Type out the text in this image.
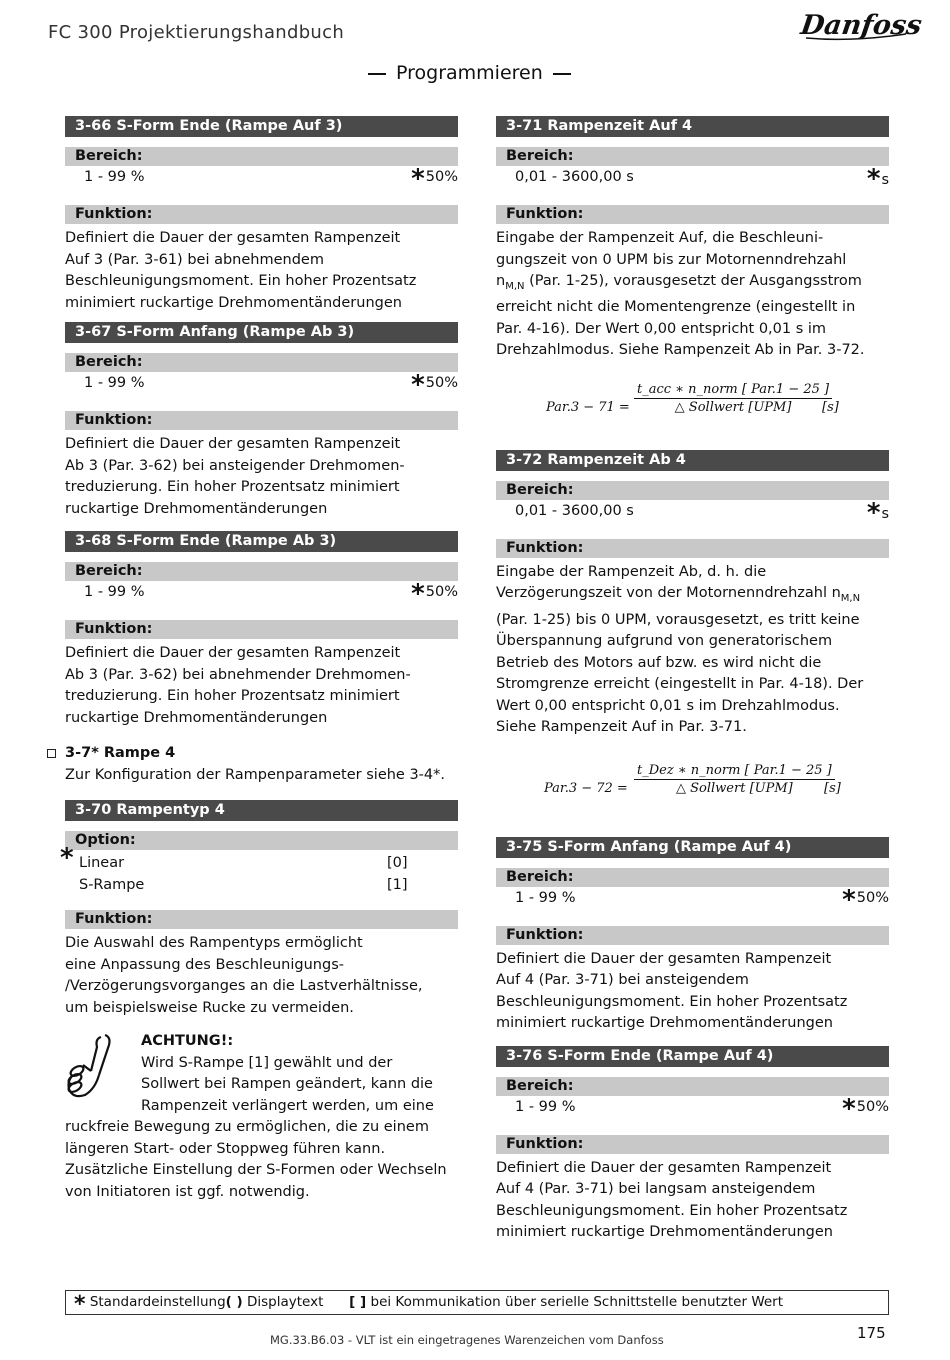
FC 300 Projektierungshandbuch	Danfoss
Programmieren
3-66 S-Form Ende (Rampe Auf 3)
Bereich:
1 - 99 %	*50%
Funktion:
Definiert die Dauer der gesamten Rampenzeit
Auf 3 (Par. 3-61) bei abnehmendem
Beschleunigungsmoment. Ein hoher Prozentsatz
minimiert ruckartige Drehmomentänderungen
3-67 S-Form Anfang (Rampe Ab 3)
Bereich:
1 - 99 %	*50%
Funktion:
Definiert die Dauer der gesamten Rampenzeit
Ab 3 (Par. 3-62) bei ansteigender Drehmomen-
treduzierung. Ein hoher Prozentsatz minimiert
ruckartige Drehmomentänderungen
3-68 S-Form Ende (Rampe Ab 3)
Bereich:
1 - 99 %	*50%
Funktion:
Definiert die Dauer der gesamten Rampenzeit
Ab 3 (Par. 3-62) bei abnehmender Drehmomen-
treduzierung. Ein hoher Prozentsatz minimiert
ruckartige Drehmomentänderungen
3-7* Rampe 4
Zur Konfiguration der Rampenparameter siehe 3-4*.
3-70 Rampentyp 4
Option:
* Linear	[0]
S-Rampe	[1]
Funktion:
Die Auswahl des Rampentyps ermöglicht
eine Anpassung des Beschleunigungs-
/Verzögerungsvorganges an die Lastverhältnisse,
um beispielsweise Rucke zu vermeiden.
ACHTUNG!:
Wird S-Rampe [1] gewählt und der
Sollwert bei Rampen geändert, kann die
Rampenzeit verlängert werden, um eine
ruckfreie Bewegung zu ermöglichen, die zu einem
längeren Start- oder Stoppweg führen kann.
Zusätzliche Einstellung der S-Formen oder Wechseln
von Initiatoren ist ggf. notwendig.
3-71 Rampenzeit Auf 4
Bereich:
0,01 - 3600,00 s	*s
Funktion:
Eingabe der Rampenzeit Auf, die Beschleuni-
gungszeit von 0 UPM bis zur Motornenndrehzahl
$n_{M,N}$ (Par. 1-25), vorausgesetzt der Ausgangsstrom
erreicht nicht die Momentengrenze (eingestellt in
Par. 4-16). Der Wert 0,00 entspricht 0,01 s im
Drehzahlmodus. Siehe Rampenzeit Ab in Par. 3-72.
Par.3 − 71 =
t_acc ∗ n_norm [ Par.1 − 25 ]
△ Sollwert [UPM]	[s]
3-72 Rampenzeit Ab 4
Bereich:
0,01 - 3600,00 s	*s
Funktion:
Eingabe der Rampenzeit Ab, d. h. die
Verzögerungszeit von der Motornenndrehzahl $n_{M,N}$
(Par. 1-25) bis 0 UPM, vorausgesetzt, es tritt keine
Überspannung aufgrund von generatorischem
Betrieb des Motors auf bzw. es wird nicht die
Stromgrenze erreicht (eingestellt in Par. 4-18). Der
Wert 0,00 entspricht 0,01 s im Drehzahlmodus.
Siehe Rampenzeit Auf in Par. 3-71.
Par.3 − 72 =
t_Dez ∗ n_norm [ Par.1 − 25 ]
△ Sollwert [UPM]	[s]
3-75 S-Form Anfang (Rampe Auf 4)
Bereich:
1 - 99 %	*50%
Funktion:
Definiert die Dauer der gesamten Rampenzeit
Auf 4 (Par. 3-71) bei ansteigendem
Beschleunigungsmoment. Ein hoher Prozentsatz
minimiert ruckartige Drehmomentänderungen
3-76 S-Form Ende (Rampe Auf 4)
Bereich:
1 - 99 %	*50%
Funktion:
Definiert die Dauer der gesamten Rampenzeit
Auf 4 (Par. 3-71) bei langsam ansteigendem
Beschleunigungsmoment. Ein hoher Prozentsatz
minimiert ruckartige Drehmomentänderungen
* Standardeinstellung( ) Displaytext [ ] bei Kommunikation über serielle Schnittstelle benutzter Wert
MG.33.B6.03 - VLT ist ein eingetragenes Warenzeichen vom Danfoss	175
